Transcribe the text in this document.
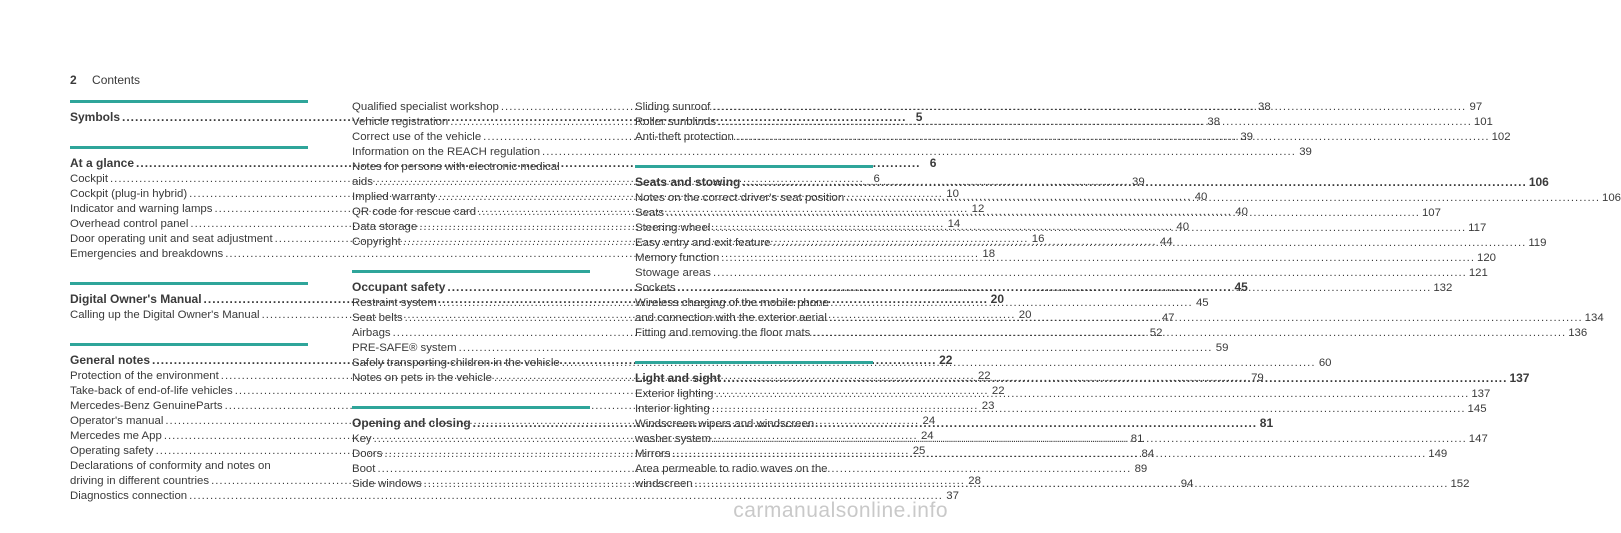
2 Contents
Symbols .....	5
At a glance .....	6
Cockpit .....	6
Cockpit (plug-in hybrid) .....	10
Indicator and warning lamps .....	12
Overhead control panel .....	14
Door operating unit and seat adjustment .....	16
Emergencies and breakdowns .....	18
Digital Owner's Manual .....	20
Calling up the Digital Owner's Manual .....	20
General notes .....	22
Protection of the environment .....	22
Take-back of end-of-life vehicles .....	22
Mercedes-Benz GenuineParts .....	23
Operator's manual .....	24
Mercedes me App .....	24
Operating safety .....	25
Declarations of conformity and notes on
driving in different countries .....	28
Diagnostics connection .....	37
Qualified specialist workshop .....	38
Vehicle registration .....	38
Correct use of the vehicle .....	39
Information on the REACH regulation .....	39
Notes for persons with electronic medical
aids .....	39
Implied warranty .....	40
QR code for rescue card .....	40
Data storage .....	40
Copyright .....	44
Occupant safety .....	45
Restraint system .....	45
Seat belts .....	47
Airbags .....	52
PRE-SAFE® system .....	59
Safely transporting children in the vehicle .....	60
Notes on pets in the vehicle .....	79
Opening and closing .....	81
Key .....	81
Doors .....	84
Boot .....	89
Side windows .....	94
Sliding sunroof .....	97
Roller sunblinds .....	101
Anti-theft protection .....	102
Seats and stowing .....	106
Notes on the correct driver's seat position .....	106
Seats .....	107
Steering wheel .....	117
Easy entry and exit feature .....	119
Memory function .....	120
Stowage areas .....	121
Sockets .....	132
Wireless charging of the mobile phone
and connection with the exterior aerial .....	134
Fitting and removing the floor mats .....	136
Light and sight .....	137
Exterior lighting .....	137
Interior lighting .....	145
Windscreen wipers and windscreen
washer system .....	147
Mirrors .....	149
Area permeable to radio waves on the
windscreen .....	152
carmanualsonline.info
